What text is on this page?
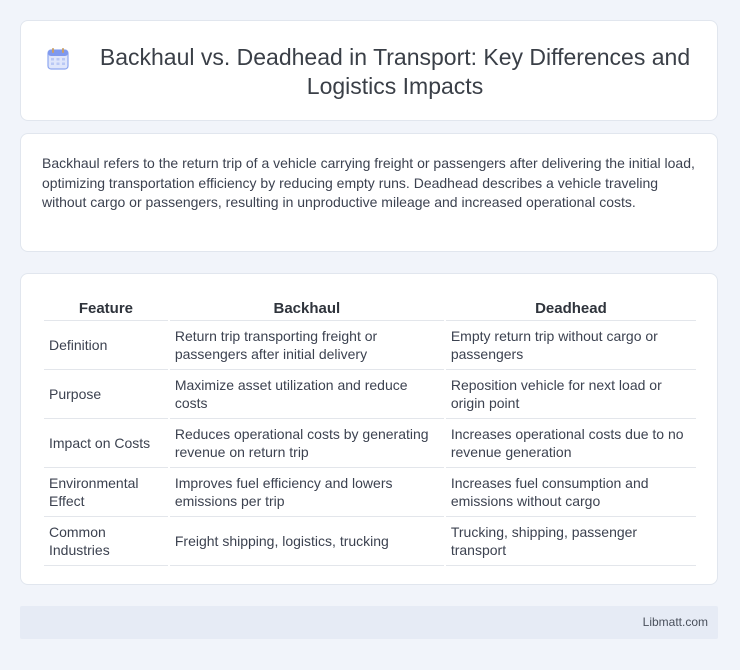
Backhaul vs. Deadhead in Transport: Key Differences and Logistics Impacts
Backhaul refers to the return trip of a vehicle carrying freight or passengers after delivering the initial load, optimizing transportation efficiency by reducing empty runs. Deadhead describes a vehicle traveling without cargo or passengers, resulting in unproductive mileage and increased operational costs.
Feature	Backhaul	Deadhead
Definition	Return trip transporting freight or passengers after initial delivery	Empty return trip without cargo or passengers
Purpose	Maximize asset utilization and reduce costs	Reposition vehicle for next load or origin point
Impact on Costs	Reduces operational costs by generating revenue on return trip	Increases operational costs due to no revenue generation
Environmental Effect	Improves fuel efficiency and lowers emissions per trip	Increases fuel consumption and emissions without cargo
Common Industries	Freight shipping, logistics, trucking	Trucking, shipping, passenger transport
Libmatt.com
